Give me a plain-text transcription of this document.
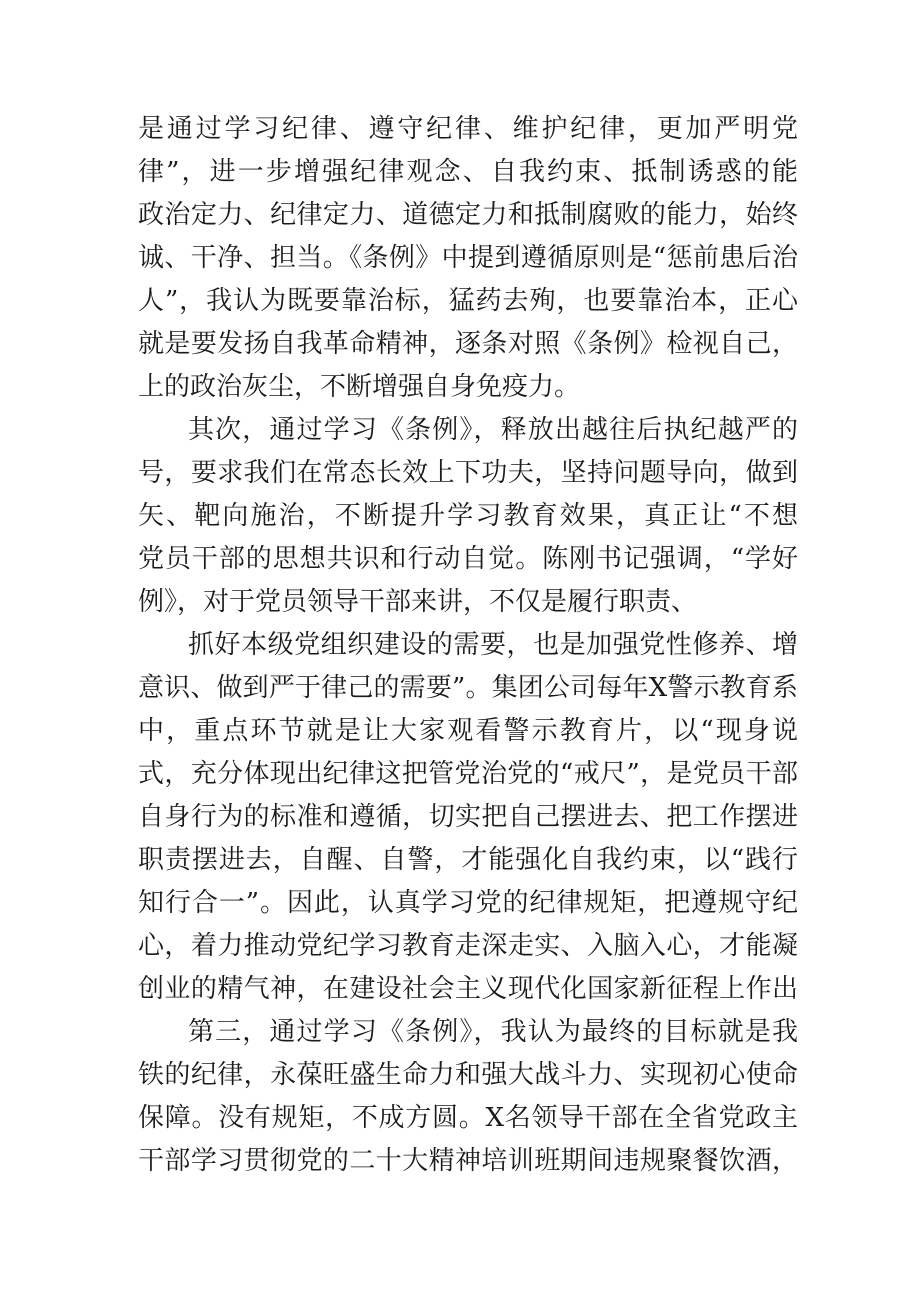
是通过学习纪律、遵守纪律、维护纪律，更加严明党
律”，进一步增强纪律观念、自我约束、抵制诱惑的能
政治定力、纪律定力、道德定力和抵制腐败的能力，始终
诚、干净、担当。《条例》中提到遵循原则是“惩前患后治
人”，我认为既要靠治标，猛药去殉，也要靠治本，正心
就是要发扬自我革命精神，逐条对照《条例》检视自己，
上的政治灰尘，不断增强自身免疫力。
其次，通过学习《条例》，释放出越往后执纪越严的
号，要求我们在常态长效上下功夫，坚持问题导向，做到
矢、靶向施治，不断提升学习教育效果，真正让“不想
党员干部的思想共识和行动自觉。陈刚书记强调，“学好
例》，对于党员领导干部来讲，不仅是履行职责、
抓好本级党组织建设的需要，也是加强党性修养、增
意识、做到严于律己的需要”。集团公司每年X警示教育系
中，重点环节就是让大家观看警示教育片，以“现身说
式，充分体现出纪律这把管党治党的“戒尺”，是党员干部
自身行为的标准和遵循，切实把自己摆进去、把工作摆进
职责摆进去，自醒、自警，才能强化自我约束，以“践行
知行合一”。因此，认真学习党的纪律规矩，把遵规守纪
心，着力推动党纪学习教育走深走实、入脑入心，才能凝
创业的精气神，在建设社会主义现代化国家新征程上作出
第三，通过学习《条例》，我认为最终的目标就是我
铁的纪律，永葆旺盛生命力和强大战斗力、实现初心使命
保障。没有规矩，不成方圆。X名领导干部在全省党政主
干部学习贯彻党的二十大精神培训班期间违规聚餐饮酒，
